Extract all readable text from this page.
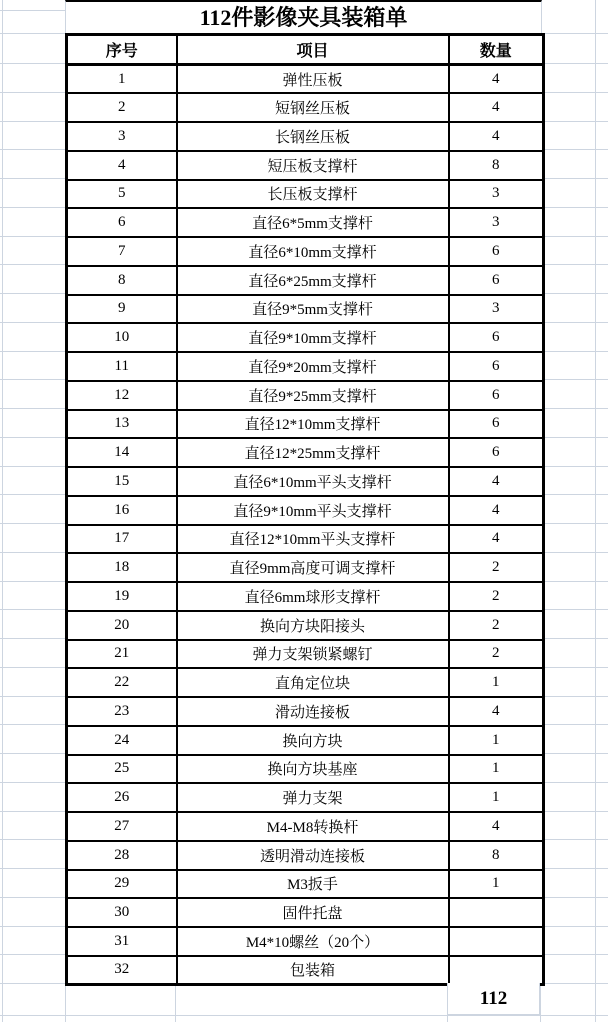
112件影像夹具装箱单
序号	项目	数量
1	弹性压板	4
2	短钢丝压板	4
3	长钢丝压板	4
4	短压板支撑杆	8
5	长压板支撑杆	3
6	直径6*5mm支撑杆	3
7	直径6*10mm支撑杆	6
8	直径6*25mm支撑杆	6
9	直径9*5mm支撑杆	3
10	直径9*10mm支撑杆	6
11	直径9*20mm支撑杆	6
12	直径9*25mm支撑杆	6
13	直径12*10mm支撑杆	6
14	直径12*25mm支撑杆	6
15	直径6*10mm平头支撑杆	4
16	直径9*10mm平头支撑杆	4
17	直径12*10mm平头支撑杆	4
18	直径9mm高度可调支撑杆	2
19	直径6mm球形支撑杆	2
20	换向方块阳接头	2
21	弹力支架锁紧螺钉	2
22	直角定位块	1
23	滑动连接板	4
24	换向方块	1
25	换向方块基座	1
26	弹力支架	1
27	M4-M8转换杆	4
28	透明滑动连接板	8
29	M3扳手	1
30	固件托盘	
31	M4*10螺丝（20个）	
32	包装箱	
112
